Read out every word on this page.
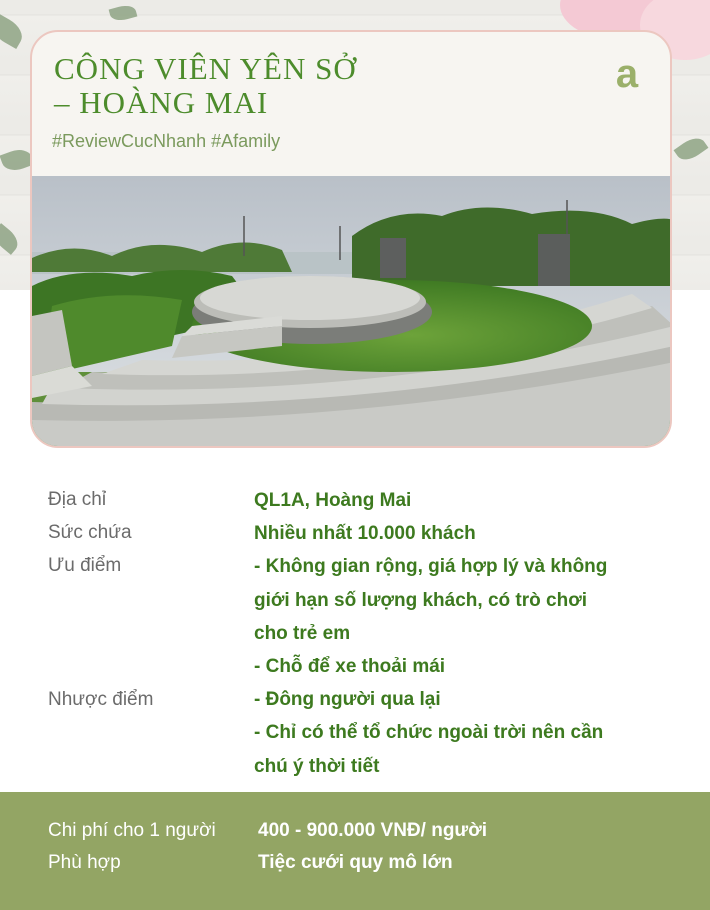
CÔNG VIÊN YÊN SỞ
– HOÀNG MAI
#ReviewCucNhanh #Afamily
a
Địa chỉ	QL1A, Hoàng Mai
Sức chứa	Nhiều nhất 10.000 khách
Ưu điểm	- Không gian rộng, giá hợp lý và không
giới hạn số lượng khách, có trò chơi
cho trẻ em
- Chỗ để xe thoải mái
Nhược điểm	- Đông người qua lại
- Chỉ có thể tổ chức ngoài trời nên cần
chú ý thời tiết
Chi phí cho 1 người 400 - 900.000 VNĐ/ người
Phù hợp	Tiệc cưới quy mô lớn
